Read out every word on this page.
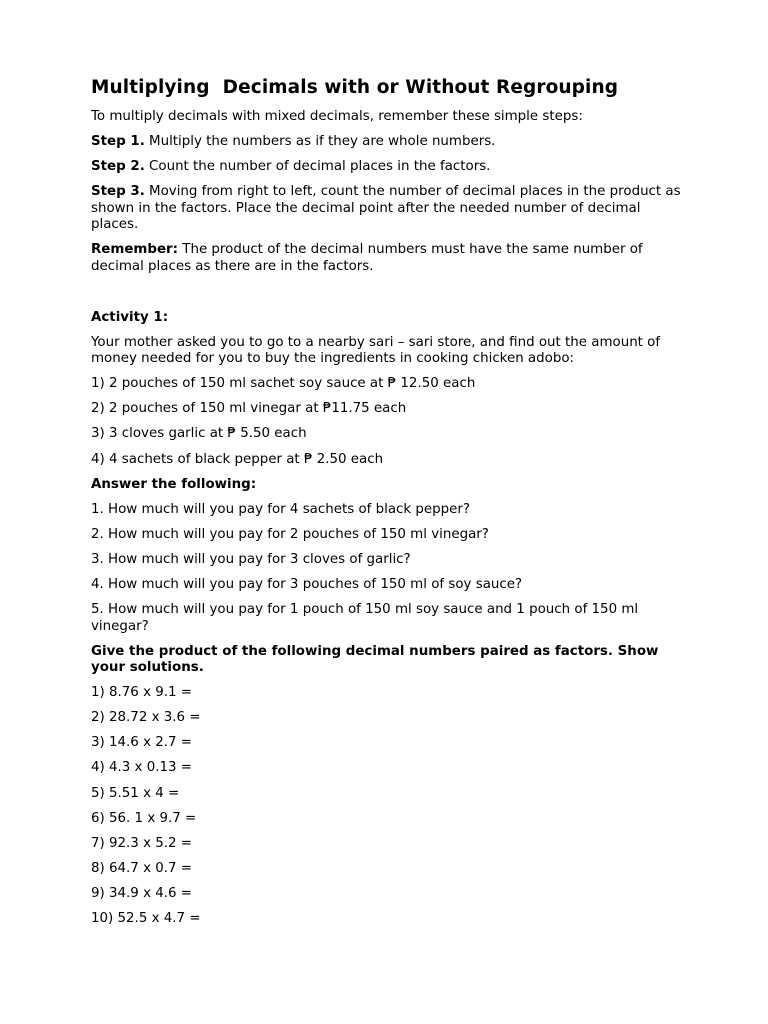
Multiplying  Decimals with or Without Regrouping

To multiply decimals with mixed decimals, remember these simple steps:

Step 1. Multiply the numbers as if they are whole numbers.

Step 2. Count the number of decimal places in the factors.

Step 3. Moving from right to left, count the number of decimal places in the product as shown in the factors. Place the decimal point after the needed number of decimal places.

Remember: The product of the decimal numbers must have the same number of decimal places as there are in the factors.

Activity 1:

Your mother asked you to go to a nearby sari – sari store, and find out the amount of money needed for you to buy the ingredients in cooking chicken adobo:

1) 2 pouches of 150 ml sachet soy sauce at ₱ 12.50 each

2) 2 pouches of 150 ml vinegar at ₱11.75 each

3) 3 cloves garlic at ₱ 5.50 each

4) 4 sachets of black pepper at ₱ 2.50 each

Answer the following:

1. How much will you pay for 4 sachets of black pepper?

2. How much will you pay for 2 pouches of 150 ml vinegar?

3. How much will you pay for 3 cloves of garlic?

4. How much will you pay for 3 pouches of 150 ml of soy sauce?

5. How much will you pay for 1 pouch of 150 ml soy sauce and 1 pouch of 150 ml vinegar?

Give the product of the following decimal numbers paired as factors. Show your solutions.

1) 8.76 x 9.1 =

2) 28.72 x 3.6 =

3) 14.6 x 2.7 =

4) 4.3 x 0.13 =

5) 5.51 x 4 =

6) 56. 1 x 9.7 =

7) 92.3 x 5.2 =

8) 64.7 x 0.7 =

9) 34.9 x 4.6 =

10) 52.5 x 4.7 =
